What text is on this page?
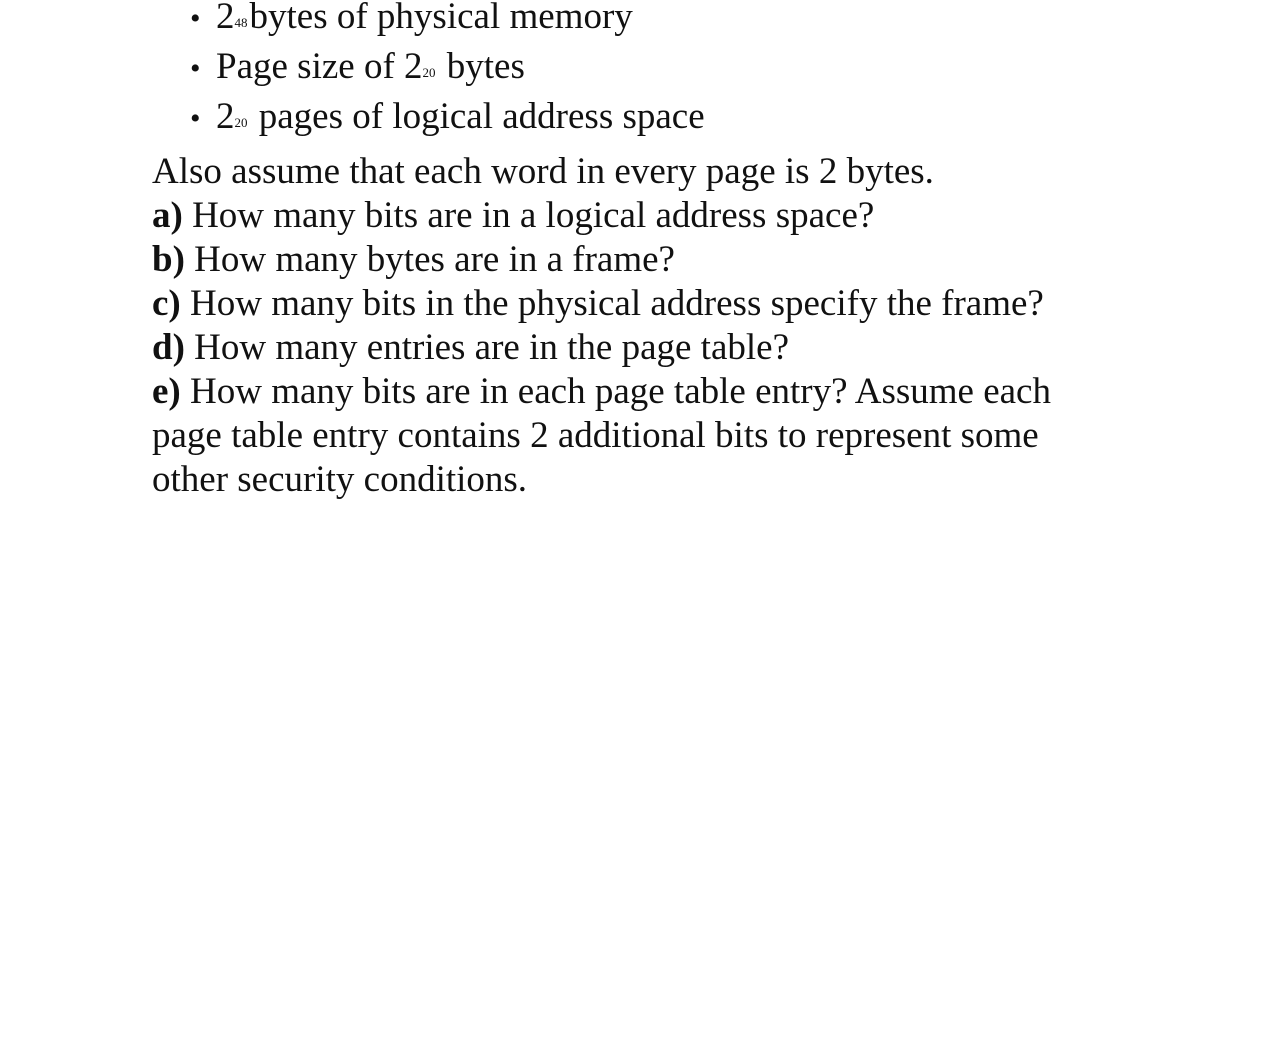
• $2^{48}bytes$ of physical memory
• Page size of $2^{20}$ bytes
• $2^{20}$ pages of logical address space

Also assume that each word in every page is 2 bytes.

a) How many bits are in a logical address space?

b) How many bytes are in a frame?

c) How many bits in the physical address specify the frame?

d) How many entries are in the page table?

e) How many bits are in each page table entry? Assume each page table entry contains 2 additional bits to represent some other security conditions.
